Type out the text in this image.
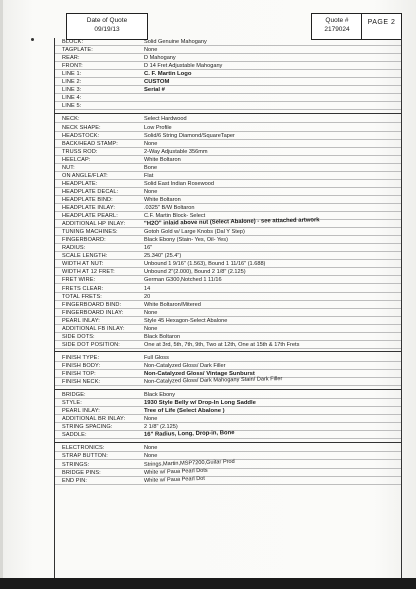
Date of Quote
09/19/13
Quote #
2179024
PAGE 2
BLOCK:	Solid Genuine Mahogany
TAGPLATE:	None
REAR:	D Mahogany
FRONT:	D 14 Fret Adjustable Mahogany
LINE 1:	C. F. Martin Logo
LINE 2:	CUSTOM
LINE 3:	Serial #
LINE 4:
LINE 5:
NECK:	Select Hardwood
NECK SHAPE:	Low Profile
HEADSTOCK:	Solid/6 String Diamond/SquareTaper
BACK/HEAD STAMP:	None
TRUSS ROD:	2-Way Adjustable 356mm
HEELCAP:	White Boltaron
NUT:	Bone
ON ANGLE/FLAT:	Flat
HEADPLATE:	Solid East Indian Rosewood
HEADPLATE DECAL:	None
HEADPLATE BIND:	White Boltaron
HEADPLATE INLAY:	.0325" B/W Boltaron
HEADPLATE PEARL:	C.F. Martin Block- Select
ADDITIONAL HP INLAY:	"H2O" inlaid above nut (Select Abalone) - see attached artwork
TUNING MACHINES:	Gotoh Gold w/ Large Knobs (Dal Y Step)
FINGERBOARD:	Black Ebony (Stain- Yes, Oil- Yes)
RADIUS:	16"
SCALE LENGTH:	25.340" (25.4")
WIDTH AT NUT:	Unbound 1 9/16" (1.563), Bound 1 11/16" (1.688)
WIDTH AT 12 FRET:	Unbound 2"(2.000), Bound 2 1/8" (2.125)
FRET WIRE:	German G300,Notched 1 11/16
FRETS CLEAR:	14
TOTAL FRETS:	20
FINGERBOARD BIND:	White Boltaron/Mitered
FINGERBOARD INLAY:	None
PEARL INLAY:	Style 45 Hexagon-Select Abalone
ADDITIONAL FB INLAY:	None
SIDE DOTS:	Black Boltaron
SIDE DOT POSITION:	One at 3rd, 5th, 7th, 9th, Two at 12th, One at 15th & 17th Frets
FINISH TYPE:	Full Gloss
FINISH BODY:	Non-Catalyzed Gloss/ Dark Filler
FINISH TOP:	Non-Catalyzed Gloss/ Vintage Sunburst
FINISH NECK:	Non-Catalyzed Gloss/ Dark Mahogany Stain/ Dark Filler
BRIDGE:	Black Ebony
STYLE:	1930 Style Belly w/ Drop-In Long Saddle
PEARL INLAY:	Tree of Life (Select Abalone )
ADDITIONAL BR INLAY:	None
STRING SPACING:	2 1/8" (2.125)
SADDLE:	16" Radius, Long, Drop-in, Bone
ELECTRONICS:	None
STRAP BUTTON:	None
STRINGS:	Strings,Martin,MSP7200,Guitar Prod
BRIDGE PINS:	White w/ Paua Pearl Dots
END PIN:	White w/ Paua Pearl Dot
